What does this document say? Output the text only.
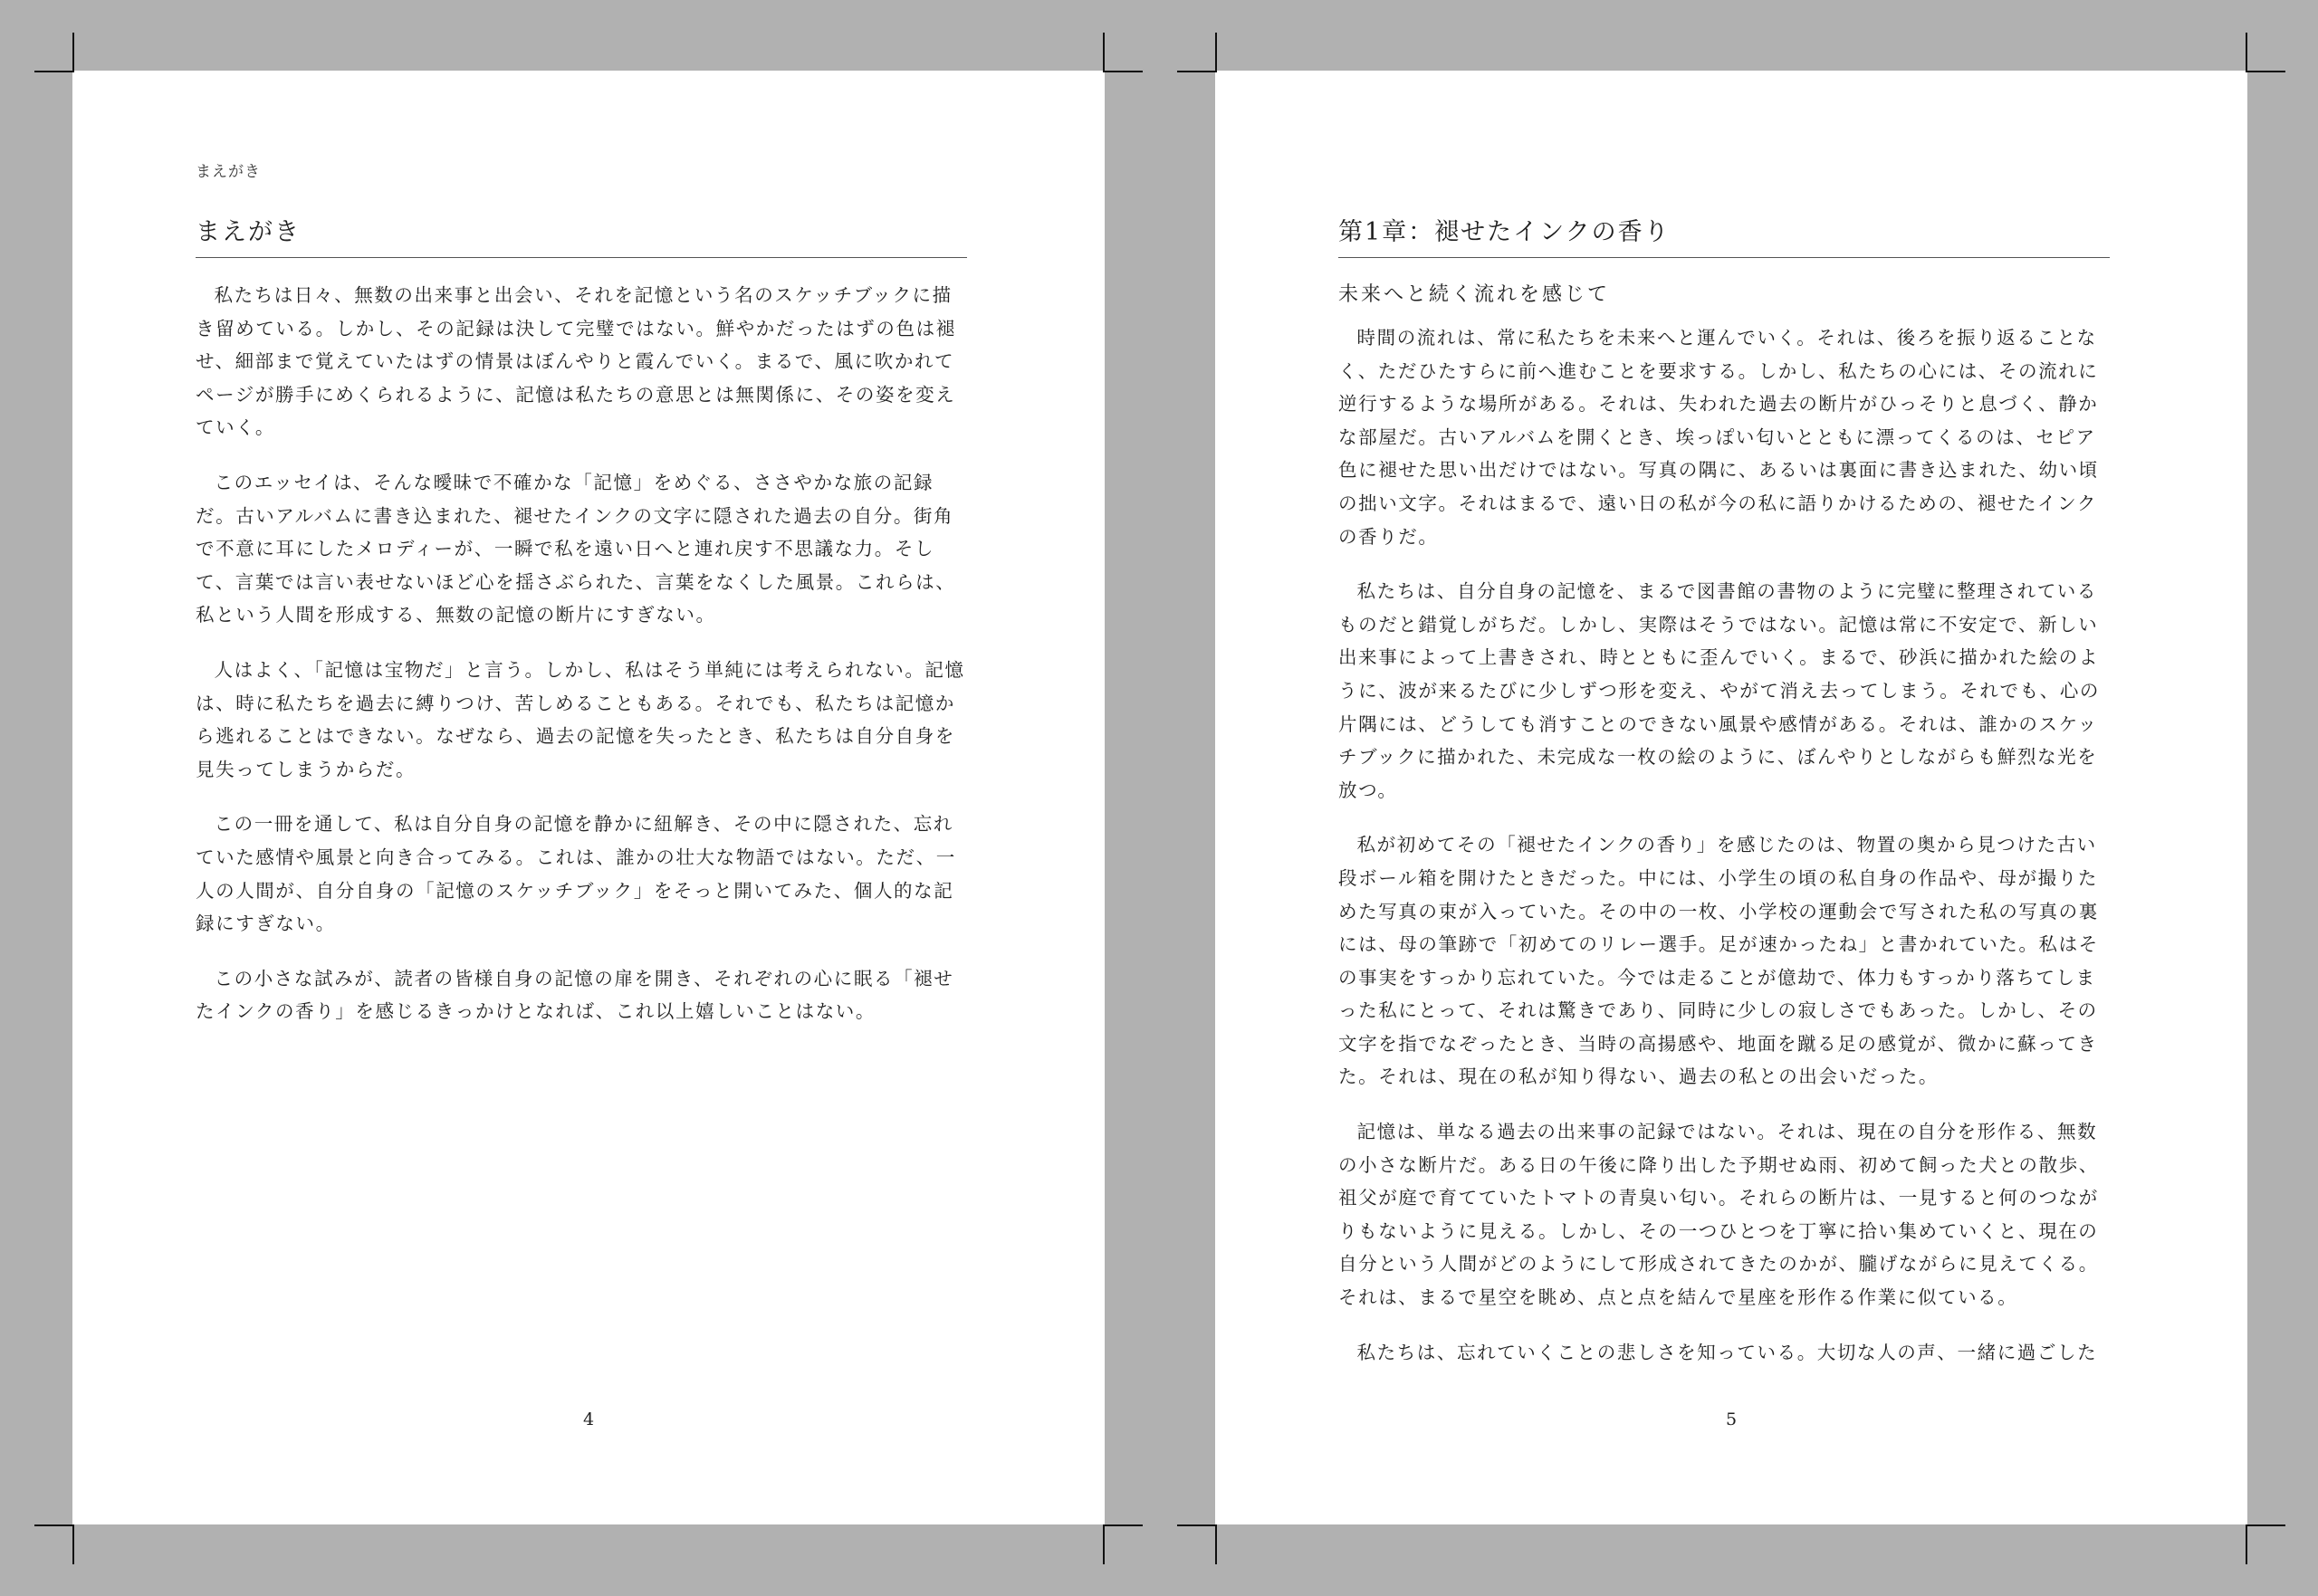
まえがき
まえがき

私たちは日々、無数の出来事と出会い、それを記憶という名のスケッチブックに描き留めている。しかし、その記録は決して完璧ではない。鮮やかだったはずの色は褪せ、細部まで覚えていたはずの情景はぼんやりと霞んでいく。まるで、風に吹かれてページが勝手にめくられるように、記憶は私たちの意思とは無関係に、その姿を変えていく。

このエッセイは、そんな曖昧で不確かな「記憶」をめぐる、ささやかな旅の記録だ。古いアルバムに書き込まれた、褪せたインクの文字に隠された過去の自分。街角で不意に耳にしたメロディーが、一瞬で私を遠い日へと連れ戻す不思議な力。そして、言葉では言い表せないほど心を揺さぶられた、言葉をなくした風景。これらは、私という人間を形成する、無数の記憶の断片にすぎない。

人はよく、「記憶は宝物だ」と言う。しかし、私はそう単純には考えられない。記憶は、時に私たちを過去に縛りつけ、苦しめることもある。それでも、私たちは記憶から逃れることはできない。なぜなら、過去の記憶を失ったとき、私たちは自分自身を見失ってしまうからだ。

この一冊を通して、私は自分自身の記憶を静かに紐解き、その中に隠された、忘れていた感情や風景と向き合ってみる。これは、誰かの壮大な物語ではない。ただ、一人の人間が、自分自身の「記憶のスケッチブック」をそっと開いてみた、個人的な記録にすぎない。

この小さな試みが、読者の皆様自身の記憶の扉を開き、それぞれの心に眠る「褪せたインクの香り」を感じるきっかけとなれば、これ以上嬉しいことはない。

4
第1章：褪せたインクの香り
未来へと続く流れを感じて

時間の流れは、常に私たちを未来へと運んでいく。それは、後ろを振り返ることなく、ただひたすらに前へ進むことを要求する。しかし、私たちの心には、その流れに逆行するような場所がある。それは、失われた過去の断片がひっそりと息づく、静かな部屋だ。古いアルバムを開くとき、埃っぽい匂いとともに漂ってくるのは、セピア色に褪せた思い出だけではない。写真の隅に、あるいは裏面に書き込まれた、幼い頃の拙い文字。それはまるで、遠い日の私が今の私に語りかけるための、褪せたインクの香りだ。

私たちは、自分自身の記憶を、まるで図書館の書物のように完璧に整理されているものだと錯覚しがちだ。しかし、実際はそうではない。記憶は常に不安定で、新しい出来事によって上書きされ、時とともに歪んでいく。まるで、砂浜に描かれた絵のように、波が来るたびに少しずつ形を変え、やがて消え去ってしまう。それでも、心の片隅には、どうしても消すことのできない風景や感情がある。それは、誰かのスケッチブックに描かれた、未完成な一枚の絵のように、ぼんやりとしながらも鮮烈な光を放つ。

私が初めてその「褪せたインクの香り」を感じたのは、物置の奥から見つけた古い段ボール箱を開けたときだった。中には、小学生の頃の私自身の作品や、母が撮りためた写真の束が入っていた。その中の一枚、小学校の運動会で写された私の写真の裏には、母の筆跡で「初めてのリレー選手。足が速かったね」と書かれていた。私はその事実をすっかり忘れていた。今では走ることが億劫で、体力もすっかり落ちてしまった私にとって、それは驚きであり、同時に少しの寂しさでもあった。しかし、その文字を指でなぞったとき、当時の高揚感や、地面を蹴る足の感覚が、微かに蘇ってきた。それは、現在の私が知り得ない、過去の私との出会いだった。

記憶は、単なる過去の出来事の記録ではない。それは、現在の自分を形作る、無数の小さな断片だ。ある日の午後に降り出した予期せぬ雨、初めて飼った犬との散歩、祖父が庭で育てていたトマトの青臭い匂い。それらの断片は、一見すると何のつながりもないように見える。しかし、その一つひとつを丁寧に拾い集めていくと、現在の自分という人間がどのようにして形成されてきたのかが、朧げながらに見えてくる。それは、まるで星空を眺め、点と点を結んで星座を形作る作業に似ている。

私たちは、忘れていくことの悲しさを知っている。大切な人の声、一緒に過ごした

5
